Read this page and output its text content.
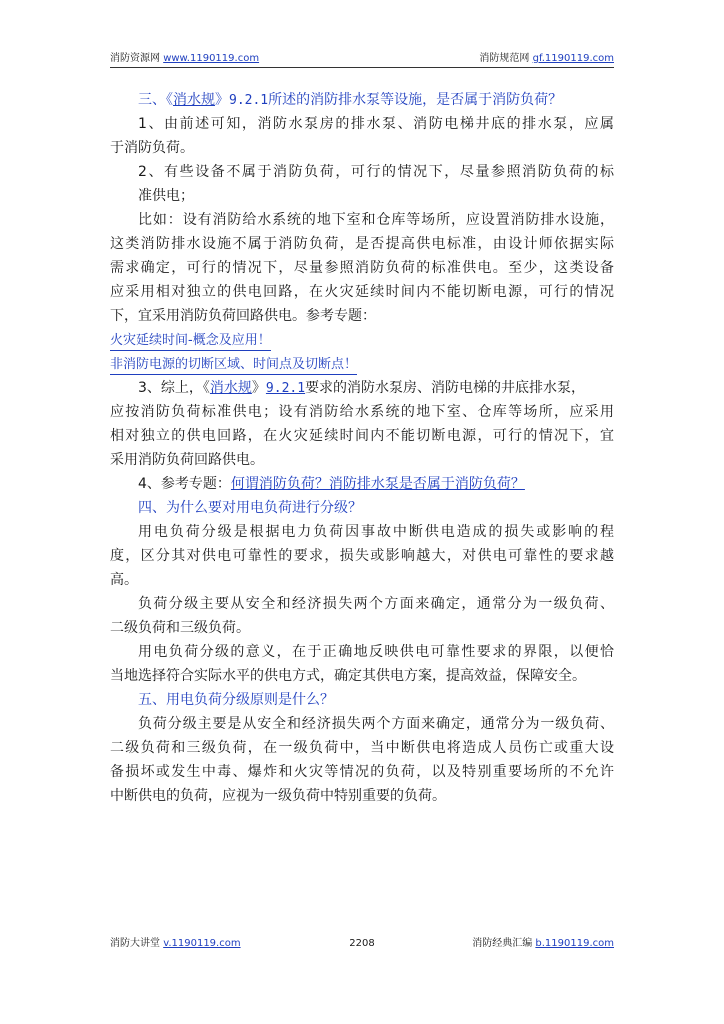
消防资源网 www.1190119.com	消防规范网 gf.1190119.com
三、《消水规》9.2.1所述的消防排水泵等设施，是否属于消防负荷？
1、由前述可知，消防水泵房的排水泵、消防电梯井底的排水泵，应属
于消防负荷。
2、有些设备不属于消防负荷，可行的情况下，尽量参照消防负荷的标
准供电；
比如：设有消防给水系统的地下室和仓库等场所，应设置消防排水设施，
这类消防排水设施不属于消防负荷，是否提高供电标准，由设计师依据实际
需求确定，可行的情况下，尽量参照消防负荷的标准供电。至少，这类设备
应采用相对独立的供电回路，在火灾延续时间内不能切断电源，可行的情况
下，宜采用消防负荷回路供电。参考专题：
火灾延续时间-概念及应用！
非消防电源的切断区域、时间点及切断点！
3、综上，《消水规》9.2.1要求的消防水泵房、消防电梯的井底排水泵，
应按消防负荷标准供电；设有消防给水系统的地下室、仓库等场所，应采用
相对独立的供电回路，在火灾延续时间内不能切断电源，可行的情况下，宜
采用消防负荷回路供电。
4、参考专题：何谓消防负荷？消防排水泵是否属于消防负荷？
四、为什么要对用电负荷进行分级？
用电负荷分级是根据电力负荷因事故中断供电造成的损失或影响的程
度，区分其对供电可靠性的要求，损失或影响越大，对供电可靠性的要求越
高。
负荷分级主要从安全和经济损失两个方面来确定，通常分为一级负荷、
二级负荷和三级负荷。
用电负荷分级的意义，在于正确地反映供电可靠性要求的界限，以便恰
当地选择符合实际水平的供电方式，确定其供电方案，提高效益，保障安全。
五、用电负荷分级原则是什么？
负荷分级主要是从安全和经济损失两个方面来确定，通常分为一级负荷、
二级负荷和三级负荷，在一级负荷中，当中断供电将造成人员伤亡或重大设
备损坏或发生中毒、爆炸和火灾等情况的负荷，以及特别重要场所的不允许
中断供电的负荷，应视为一级负荷中特别重要的负荷。
消防大讲堂 v.1190119.com	2208	消防经典汇编 b.1190119.com
